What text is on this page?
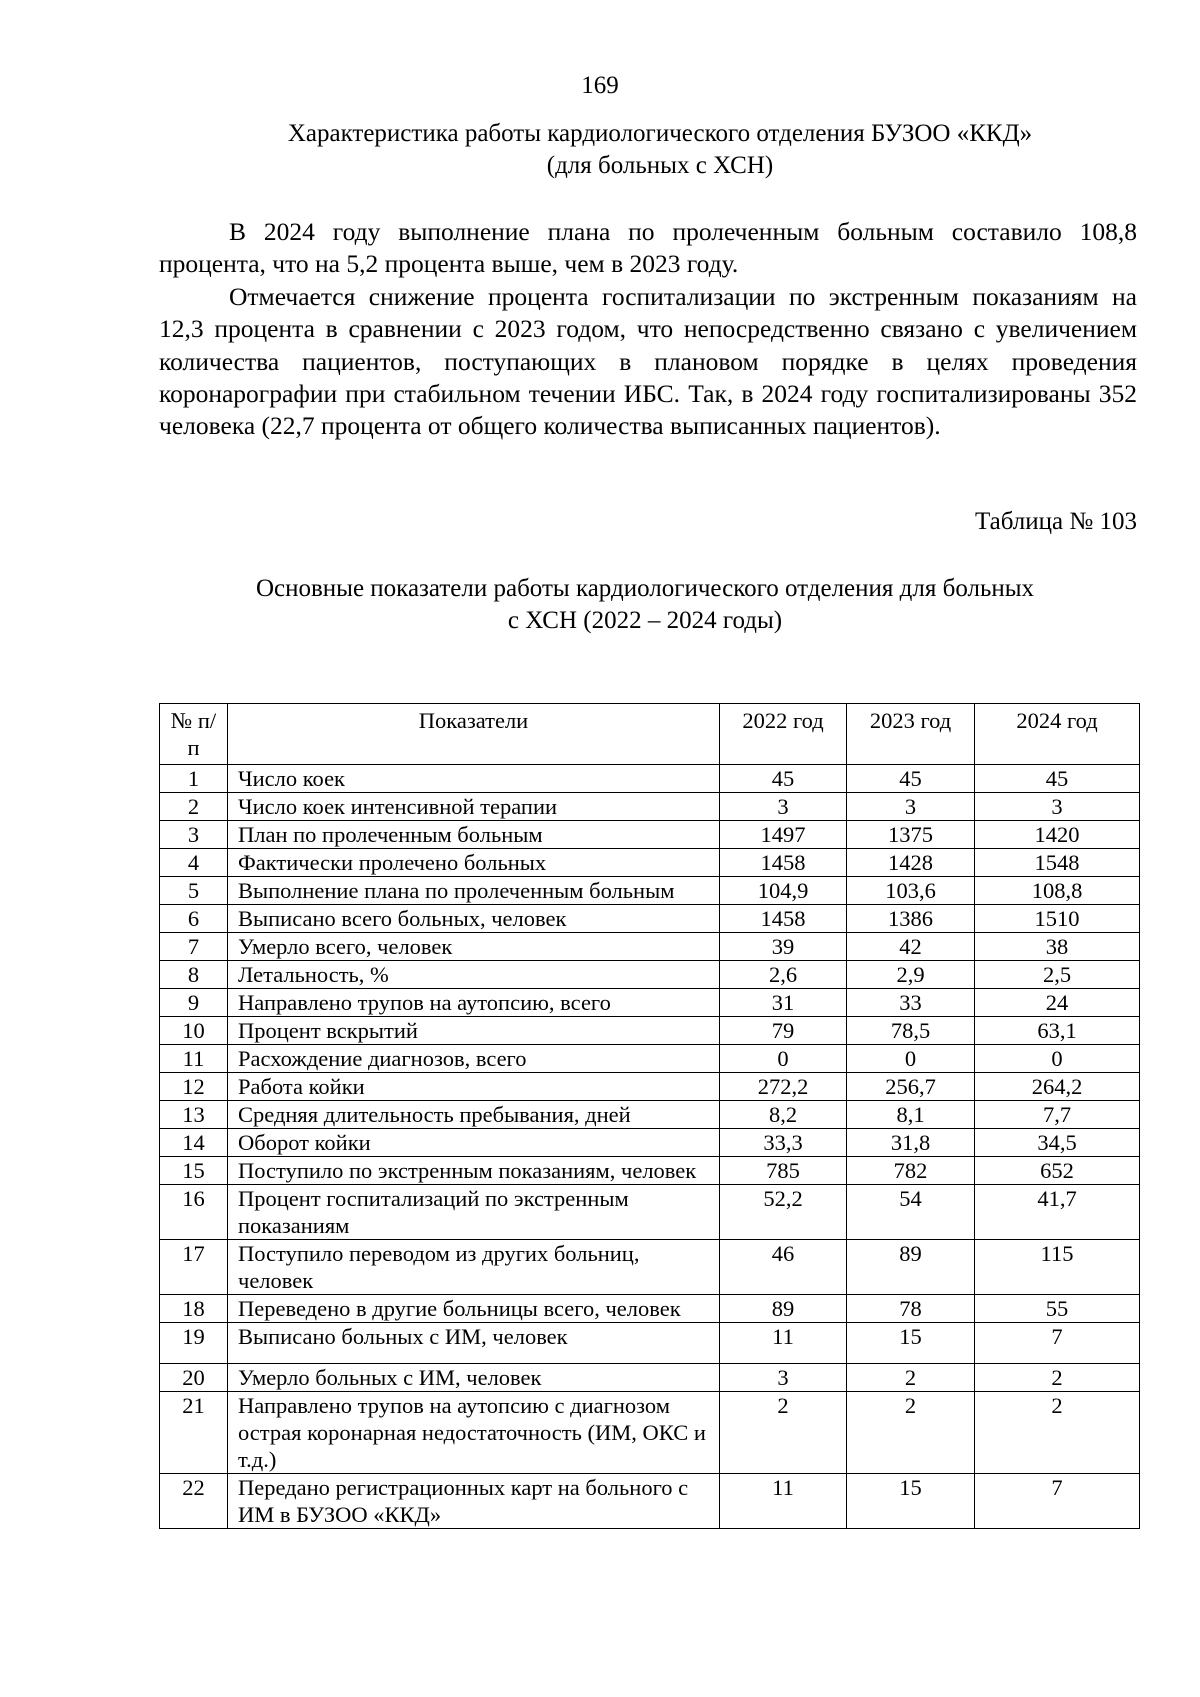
169
Характеристика работы кардиологического отделения БУЗОО «ККД»
(для больных с ХСН)

В 2024 году выполнение плана по пролеченным больным составило 108,8 процента, что на 5,2 процента выше, чем в 2023 году.

Отмечается снижение процента госпитализации по экстренным показаниям на 12,3 процента в сравнении с 2023 годом, что непосредственно связано с увеличением количества пациентов, поступающих в плановом порядке в целях проведения коронарографии при стабильном течении ИБС. Так, в 2024 году госпитализированы 352 человека (22,7 процента от общего количества выписанных пациентов).

Таблица № 103
Основные показатели работы кардиологического отделения для больных
с ХСН (2022 – 2024 годы)
№ п/п	Показатели	2022 год	2023 год	2024 год
1	Число коек	45	45	45
2	Число коек интенсивной терапии	3	3	3
3	План по пролеченным больным	1497	1375	1420
4	Фактически пролечено больных	1458	1428	1548
5	Выполнение плана по пролеченным больным	104,9	103,6	108,8
6	Выписано всего больных, человек	1458	1386	1510
7	Умерло всего, человек	39	42	38
8	Летальность, %	2,6	2,9	2,5
9	Направлено трупов на аутопсию, всего	31	33	24
10	Процент вскрытий	79	78,5	63,1
11	Расхождение диагнозов, всего	0	0	0
12	Работа койки	272,2	256,7	264,2
13	Средняя длительность пребывания, дней	8,2	8,1	7,7
14	Оборот койки	33,3	31,8	34,5
15	Поступило по экстренным показаниям, человек	785	782	652
16	Процент госпитализаций по экстренным показаниям	52,2	54	41,7
17	Поступило переводом из других больниц, человек	46	89	115
18	Переведено в другие больницы всего, человек	89	78	55
19	Выписано больных с ИМ, человек	11	15	7
20	Умерло больных с ИМ, человек	3	2	2
21	Направлено трупов на аутопсию с диагнозом острая коронарная недостаточность (ИМ, ОКС и т.д.)	2	2	2
22	Передано регистрационных карт на больного с ИМ в БУЗОО «ККД»	11	15	7
